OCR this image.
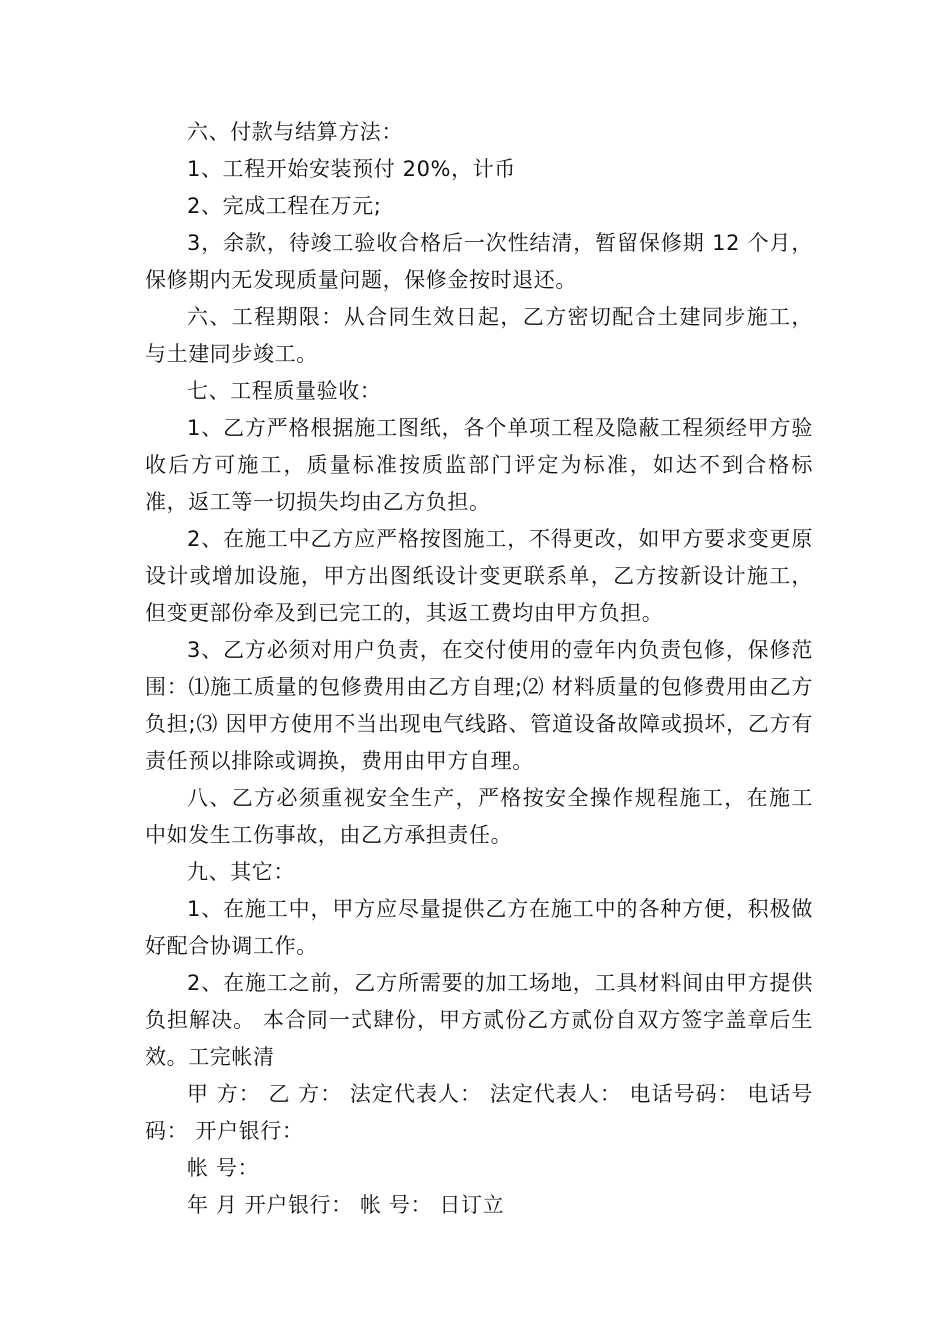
六、付款与结算方法：

1、工程开始安装预付 20%，计币

2、完成工程在万元;

3，余款，待竣工验收合格后一次性结清，暂留保修期 12 个月，保修期内无发现质量问题，保修金按时退还。

六、工程期限：从合同生效日起，乙方密切配合土建同步施工，与土建同步竣工。

七、工程质量验收：

1、乙方严格根据施工图纸，各个单项工程及隐蔽工程须经甲方验收后方可施工，质量标准按质监部门评定为标准，如达不到合格标准，返工等一切损失均由乙方负担。

2、在施工中乙方应严格按图施工，不得更改，如甲方要求变更原设计或增加设施，甲方出图纸设计变更联系单，乙方按新设计施工，但变更部份牵及到已完工的，其返工费均由甲方负担。

3、乙方必须对用户负责，在交付使用的壹年内负责包修，保修范围：⑴施工质量的包修费用由乙方自理;⑵ 材料质量的包修费用由乙方负担;⑶ 因甲方使用不当出现电气线路、管道设备故障或损坏，乙方有责任预以排除或调换，费用由甲方自理。

八、乙方必须重视安全生产，严格按安全操作规程施工，在施工中如发生工伤事故，由乙方承担责任。

九、其它：

1、在施工中，甲方应尽量提供乙方在施工中的各种方便，积极做好配合协调工作。

2、在施工之前，乙方所需要的加工场地，工具材料间由甲方提供负担解决。 本合同一式肆份，甲方贰份乙方贰份自双方签字盖章后生效。工完帐清

甲 方： 乙 方： 法定代表人： 法定代表人： 电话号码： 电话号码： 开户银行：

帐 号：

年 月 开户银行： 帐 号： 日订立
